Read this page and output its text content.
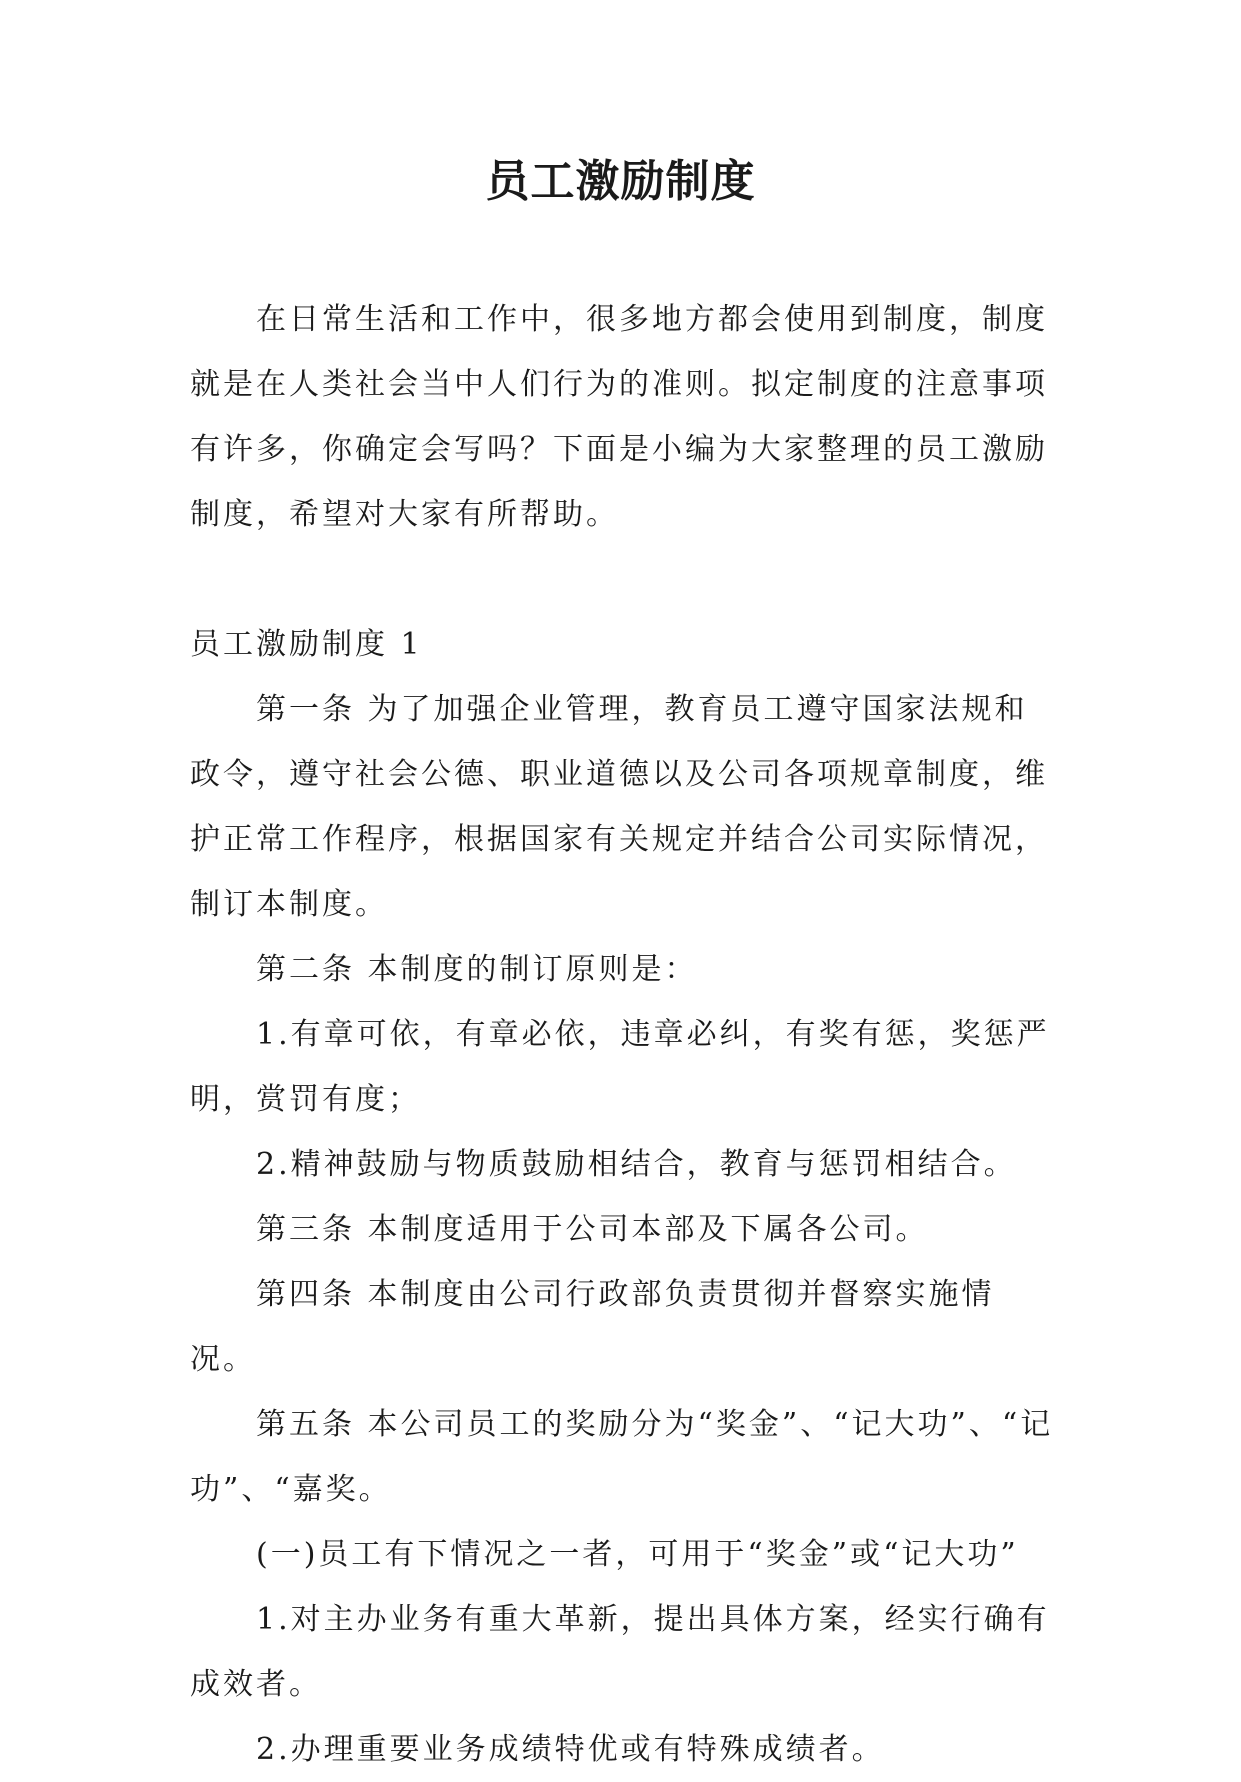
员工激励制度

在日常生活和工作中，很多地方都会使用到制度，制度就是在人类社会当中人们行为的准则。拟定制度的注意事项有许多，你确定会写吗？下面是小编为大家整理的员工激励制度，希望对大家有所帮助。

员工激励制度 1

第一条 为了加强企业管理，教育员工遵守国家法规和政令，遵守社会公德、职业道德以及公司各项规章制度，维护正常工作程序，根据国家有关规定并结合公司实际情况，制订本制度。

第二条 本制度的制订原则是：

1.有章可依，有章必依，违章必纠，有奖有惩，奖惩严明，赏罚有度；

2.精神鼓励与物质鼓励相结合，教育与惩罚相结合。

第三条 本制度适用于公司本部及下属各公司。

第四条 本制度由公司行政部负责贯彻并督察实施情况。

第五条 本公司员工的奖励分为“奖金”、“记大功”、“记功”、“嘉奖。

(一)员工有下情况之一者，可用于“奖金”或“记大功”

1.对主办业务有重大革新，提出具体方案，经实行确有成效者。

2.办理重要业务成绩特优或有特殊成绩者。
